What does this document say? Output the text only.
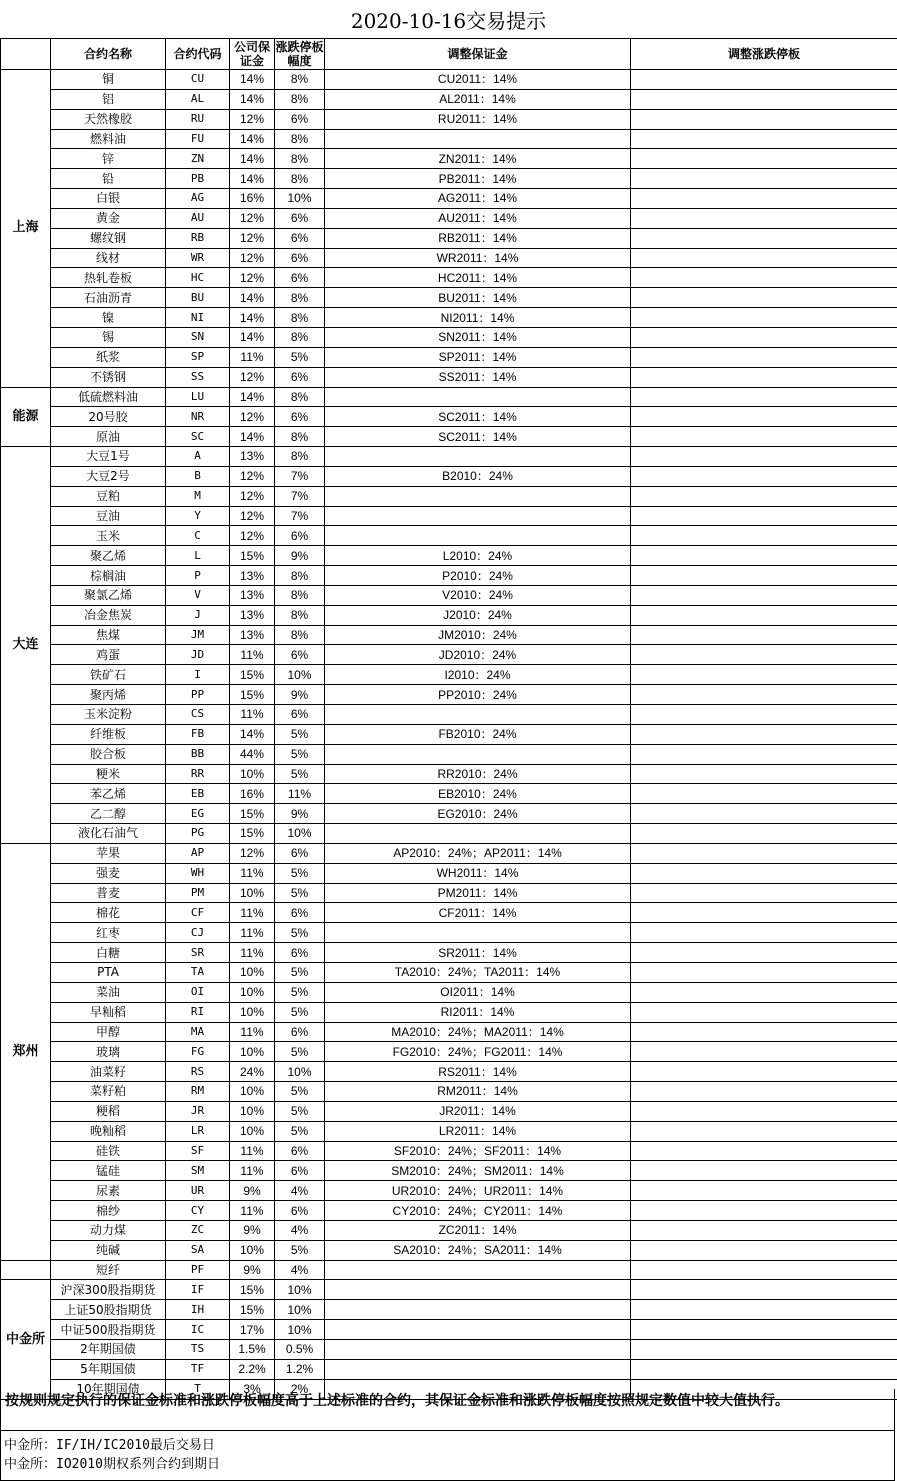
2020-10-16交易提示
	合约名称	合约代码	公司保证金	涨跌停板幅度	调整保证金	调整涨跌停板
上海	铜	CU	14%	8%	CU2011：14%	
	铝	AL	14%	8%	AL2011：14%	
	天然橡胶	RU	12%	6%	RU2011：14%	
	燃料油	FU	14%	8%		
	锌	ZN	14%	8%	ZN2011：14%	
	铅	PB	14%	8%	PB2011：14%	
	白银	AG	16%	10%	AG2011：14%	
	黄金	AU	12%	6%	AU2011：14%	
	螺纹钢	RB	12%	6%	RB2011：14%	
	线材	WR	12%	6%	WR2011：14%	
	热轧卷板	HC	12%	6%	HC2011：14%	
	石油沥青	BU	14%	8%	BU2011：14%	
	镍	NI	14%	8%	NI2011：14%	
	锡	SN	14%	8%	SN2011：14%	
	纸浆	SP	11%	5%	SP2011：14%	
	不锈钢	SS	12%	6%	SS2011：14%	
能源	低硫燃料油	LU	14%	8%		
	20号胶	NR	12%	6%	SC2011：14%	
	原油	SC	14%	8%	SC2011：14%	
大连	大豆1号	A	13%	8%		
	大豆2号	B	12%	7%	B2010：24%	
	豆粕	M	12%	7%		
	豆油	Y	12%	7%		
	玉米	C	12%	6%		
	聚乙烯	L	15%	9%	L2010：24%	
	棕榈油	P	13%	8%	P2010：24%	
	聚氯乙烯	V	13%	8%	V2010：24%	
	冶金焦炭	J	13%	8%	J2010：24%	
	焦煤	JM	13%	8%	JM2010：24%	
	鸡蛋	JD	11%	6%	JD2010：24%	
	铁矿石	I	15%	10%	I2010：24%	
	聚丙烯	PP	15%	9%	PP2010：24%	
	玉米淀粉	CS	11%	6%		
	纤维板	FB	14%	5%	FB2010：24%	
	胶合板	BB	44%	5%		
	粳米	RR	10%	5%	RR2010：24%	
	苯乙烯	EB	16%	11%	EB2010：24%	
	乙二醇	EG	15%	9%	EG2010：24%	
	液化石油气	PG	15%	10%		
郑州	苹果	AP	12%	6%	AP2010：24%；AP2011：14%	
	强麦	WH	11%	5%	WH2011：14%	
	普麦	PM	10%	5%	PM2011：14%	
	棉花	CF	11%	6%	CF2011：14%	
	红枣	CJ	11%	5%		
	白糖	SR	11%	6%	SR2011：14%	
	PTA	TA	10%	5%	TA2010：24%；TA2011：14%	
	菜油	OI	10%	5%	OI2011：14%	
	早籼稻	RI	10%	5%	RI2011：14%	
	甲醇	MA	11%	6%	MA2010：24%；MA2011：14%	
	玻璃	FG	10%	5%	FG2010：24%；FG2011：14%	
	油菜籽	RS	24%	10%	RS2011：14%	
	菜籽粕	RM	10%	5%	RM2011：14%	
	粳稻	JR	10%	5%	JR2011：14%	
	晚籼稻	LR	10%	5%	LR2011：14%	
	硅铁	SF	11%	6%	SF2010：24%；SF2011：14%	
	锰硅	SM	11%	6%	SM2010：24%；SM2011：14%	
	尿素	UR	9%	4%	UR2010：24%；UR2011：14%	
	棉纱	CY	11%	6%	CY2010：24%；CY2011：14%	
	动力煤	ZC	9%	4%	ZC2011：14%	
	纯碱	SA	10%	5%	SA2010：24%；SA2011：14%	
	短纤	PF	9%	4%		
中金所	沪深300股指期货	IF	15%	10%		
	上证50股指期货	IH	15%	10%		
	中证500股指期货	IC	17%	10%		
	2年期国债	TS	1.5%	0.5%		
	5年期国债	TF	2.2%	1.2%		
	10年期国债	T	3%	2%		
按规则规定执行的保证金标准和涨跌停板幅度高于上述标准的合约，其保证金标准和涨跌停板幅度按照规定数值中较大值执行。
中金所：IF/IH/IC2010最后交易日
中金所：IO2010期权系列合约到期日
